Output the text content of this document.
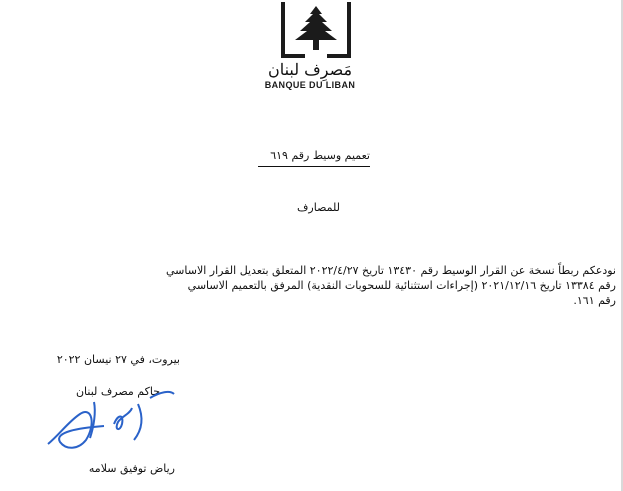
مَصرِف لبنان
BANQUE DU LIBAN
تعميم وسيط رقم ٦١٩
للمصارف
نودعكم ربطاً نسخة عن القرار الوسيط رقم ١٣٤٣٠ تاريخ ٢٠٢٢/٤/٢٧ المتعلق بتعديل القرار الاساسي
رقم ١٣٣٨٤ تاريخ ٢٠٢١/١٢/١٦ (إجراءات استثنائية للسحوبات النقدية) المرفق بالتعميم الاساسي
رقم ١٦١.
بيروت، في ٢٧ نيسان ٢٠٢٢
حاكم مصرف لبنان
رياض توفيق سلامه
